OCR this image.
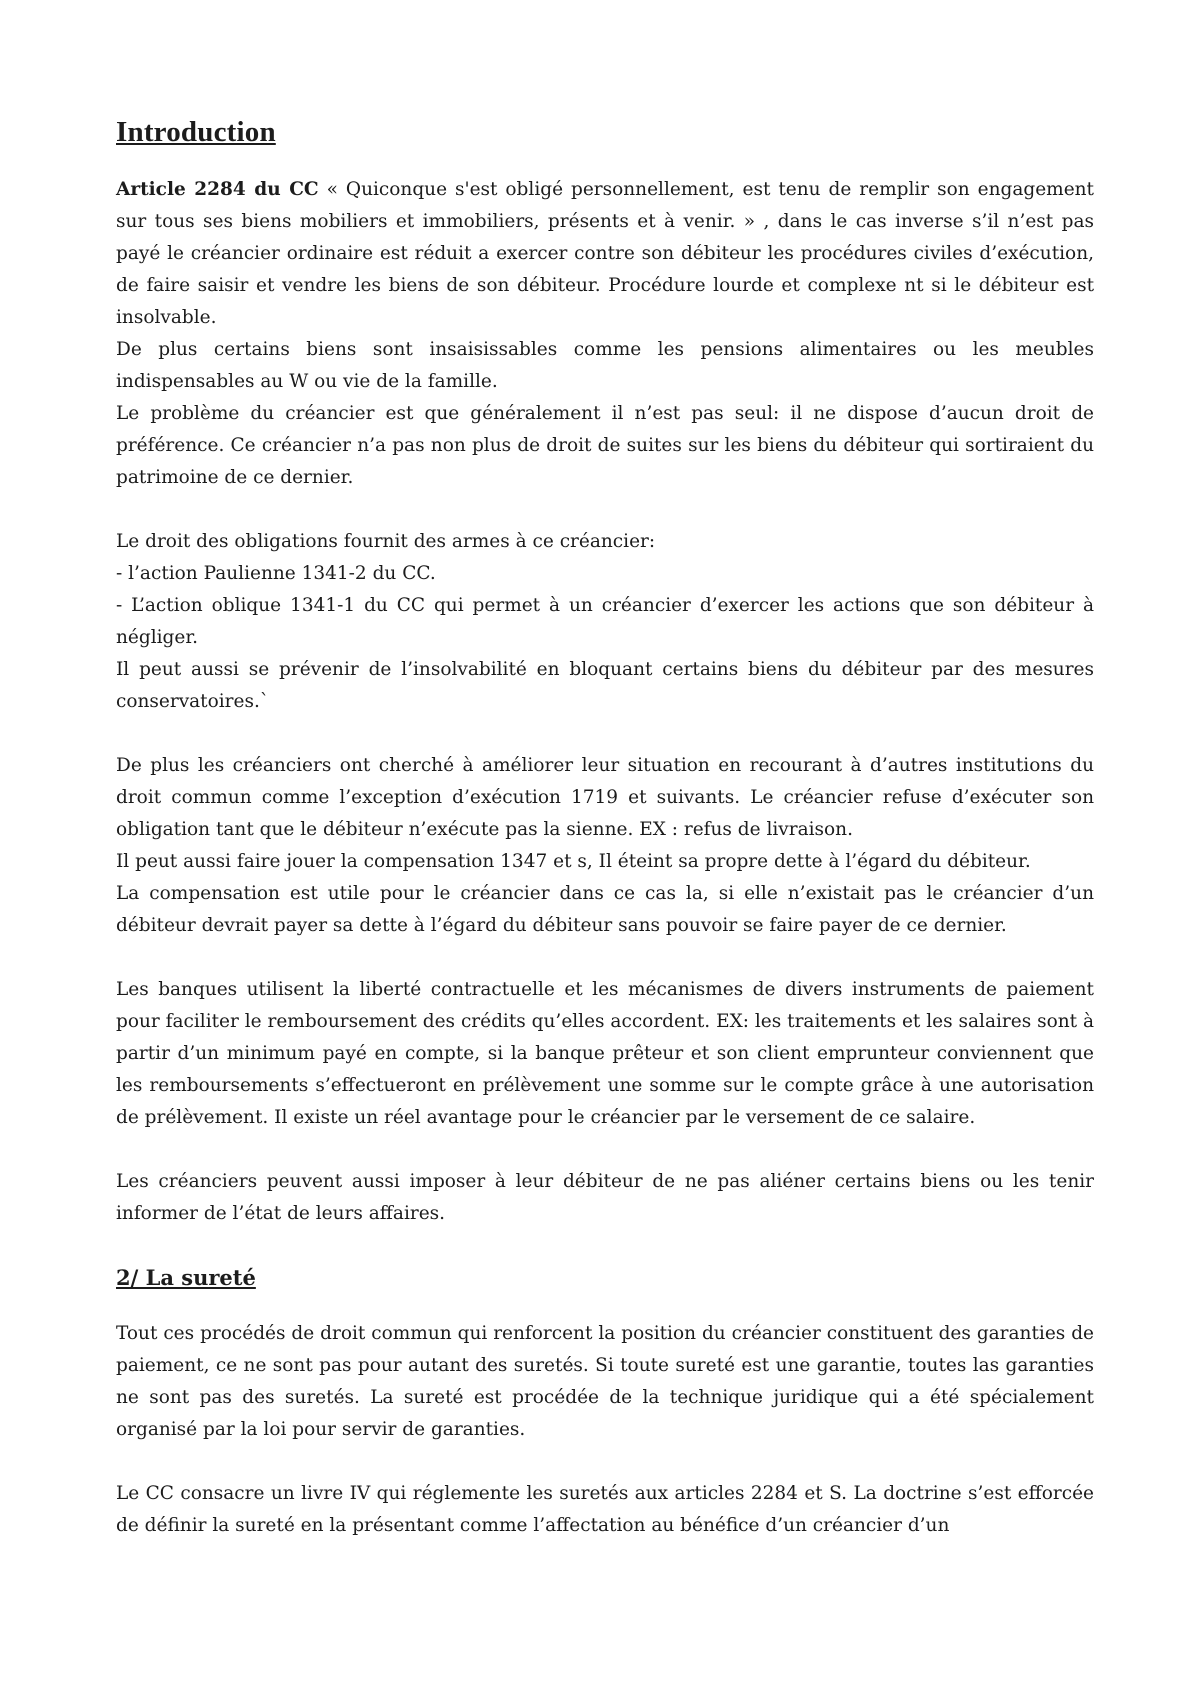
Introduction

Article 2284 du CC « Quiconque s'est obligé personnellement, est tenu de remplir son engagement sur tous ses biens mobiliers et immobiliers, présents et à venir. » , dans le cas inverse s’il n’est pas payé le créancier ordinaire est réduit a exercer contre son débiteur les procédures civiles d’exécution, de faire saisir et vendre les biens de son débiteur. Procédure lourde et complexe nt si le débiteur est insolvable.

De plus certains biens sont insaisissables comme les pensions alimentaires ou les meubles indispensables au W ou vie de la famille.

Le problème du créancier est que généralement il n’est pas seul: il ne dispose d’aucun droit de préférence. Ce créancier n’a pas non plus de droit de suites sur les biens du débiteur qui sortiraient du patrimoine de ce dernier.

Le droit des obligations fournit des armes à ce créancier:

- l’action Paulienne 1341-2 du CC.

- L’action oblique 1341-1 du CC qui permet à un créancier d’exercer les actions que son débiteur à négliger.

Il peut aussi se prévenir de l’insolvabilité en bloquant certains biens du débiteur par des mesures conservatoires.`

De plus les créanciers ont cherché à améliorer leur situation en recourant à d’autres institutions du droit commun comme l’exception d’exécution 1719 et suivants. Le créancier refuse d’exécuter son obligation tant que le débiteur n’exécute pas la sienne. EX : refus de livraison.

Il peut aussi faire jouer la compensation 1347 et s, Il éteint sa propre dette à l’égard du débiteur.

La compensation est utile pour le créancier dans ce cas la, si elle n’existait pas le créancier d’un débiteur devrait payer sa dette à l’égard du débiteur sans pouvoir se faire payer de ce dernier.

Les banques utilisent la liberté contractuelle et les mécanismes de divers instruments de paiement pour faciliter le remboursement des crédits qu’elles accordent. EX: les traitements et les salaires sont à partir d’un minimum payé en compte, si la banque prêteur et son client emprunteur conviennent que les remboursements s’effectueront en prélèvement une somme sur le compte grâce à une autorisation de prélèvement. Il existe un réel avantage pour le créancier par le versement de ce salaire.

Les créanciers peuvent aussi imposer à leur débiteur de ne pas aliéner certains biens ou les tenir informer de l’état de leurs affaires.

2/ La sureté

Tout ces procédés de droit commun qui renforcent la position du créancier constituent des garanties de paiement, ce ne sont pas pour autant des suretés. Si toute sureté est une garantie, toutes las garanties ne sont pas des suretés. La sureté est procédée de la technique juridique qui a été spécialement organisé par la loi pour servir de garanties.

Le CC consacre un livre IV qui réglemente les suretés aux articles 2284 et S. La doctrine s’est efforcée de définir la sureté en la présentant comme l’affectation au bénéfice d’un créancier d’un
